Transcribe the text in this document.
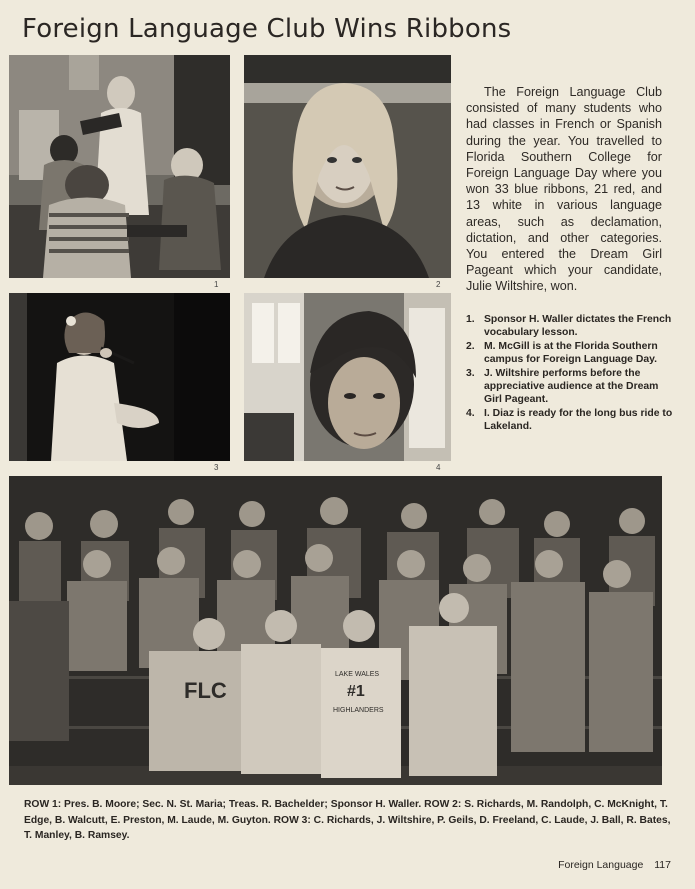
Foreign Language Club Wins Ribbons
1	2
3	4

The Foreign Language Club consisted of many students who had classes in French or Spanish during the year. You travelled to Florida Southern College for Foreign Language Day where you won 33 blue ribbons, 21 red, and 13 white in various language areas, such as declamation, dictation, and other categories. You entered the Dream Girl Pageant which your candidate, Julie Wiltshire, won.

1. Sponsor H. Waller dictates the French vocabulary lesson.
2. M. McGill is at the Florida Southern campus for Foreign Language Day.
3. J. Wiltshire performs before the appreciative audience at the Dream Girl Pageant.
4. I. Diaz is ready for the long bus ride to Lakeland.
FLC
LAKE WALES
#1
HIGHLANDERS

ROW 1: Pres. B. Moore; Sec. N. St. Maria; Treas. R. Bachelder; Sponsor H. Waller. ROW 2: S. Richards, M. Randolph, C. McKnight, T. Edge, B. Walcutt, E. Preston, M. Laude, M. Guyton. ROW 3: C. Richards, J. Wiltshire, P. Geils, D. Freeland, C. Laude, J. Ball, R. Bates, T. Manley, B. Ramsey.

Foreign Language 117
